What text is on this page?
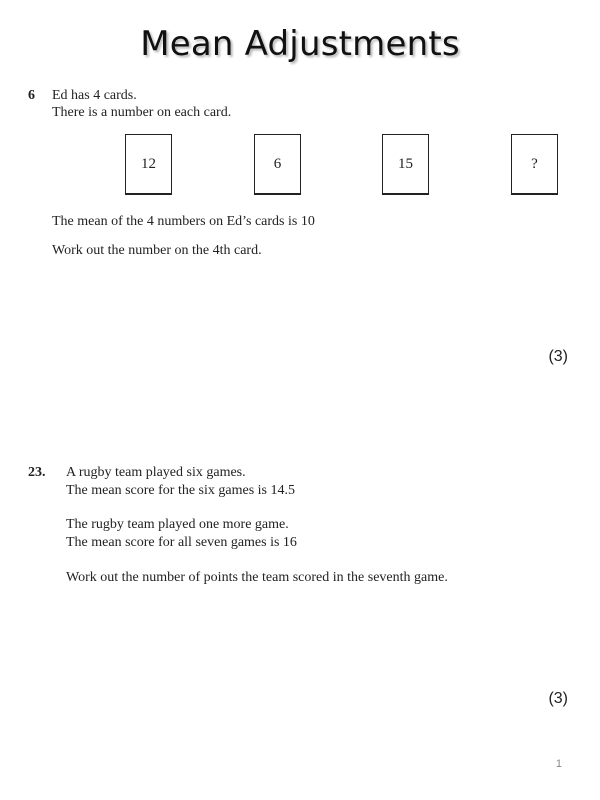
Mean Adjustments
6 Ed has 4 cards.
There is a number on each card.
12	6	15	?
The mean of the 4 numbers on Ed’s cards is 10
Work out the number on the 4th card.
(3)
23. A rugby team played six games.
The mean score for the six games is 14.5
The rugby team played one more game.
The mean score for all seven games is 16
Work out the number of points the team scored in the seventh game.
(3)
1
